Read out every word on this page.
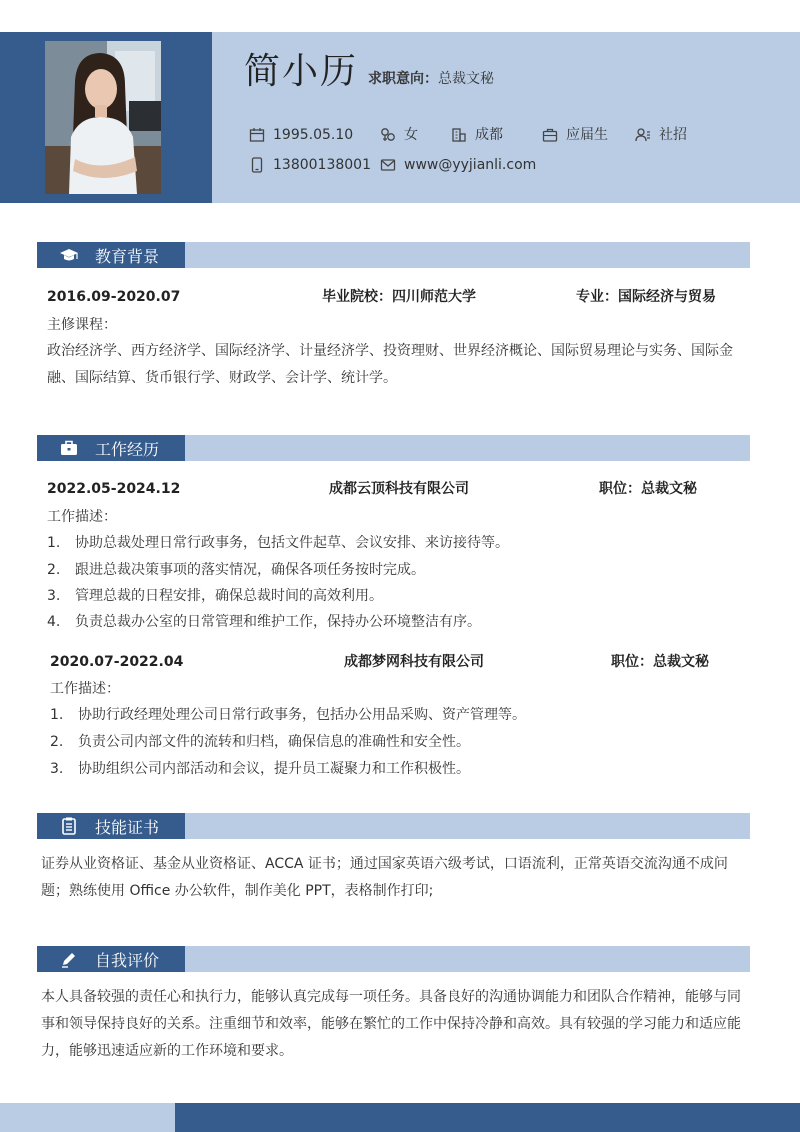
简小历 求职意向：总裁文秘
1995.05.10	女	成都	应届生	社招
13800138001 www@yyjianli.com
教育背景
2016.09-2020.07	毕业院校：四川师范大学	专业：国际经济与贸易
主修课程：
政治经济学、西方经济学、国际经济学、计量经济学、投资理财、世界经济概论、国际贸易理论与实务、国际金融、国际结算、货币银行学、财政学、会计学、统计学。
工作经历
2022.05-2024.12	成都云顶科技有限公司	职位：总裁文秘
工作描述：
1. 协助总裁处理日常行政事务，包括文件起草、会议安排、来访接待等。
2. 跟进总裁决策事项的落实情况，确保各项任务按时完成。
3. 管理总裁的日程安排，确保总裁时间的高效利用。
4. 负责总裁办公室的日常管理和维护工作，保持办公环境整洁有序。
2020.07-2022.04	成都梦网科技有限公司	职位：总裁文秘
工作描述：
1. 协助行政经理处理公司日常行政事务，包括办公用品采购、资产管理等。
2. 负责公司内部文件的流转和归档，确保信息的准确性和安全性。
3. 协助组织公司内部活动和会议，提升员工凝聚力和工作积极性。
技能证书
证券从业资格证、基金从业资格证、ACCA 证书；通过国家英语六级考试，口语流利，正常英语交流沟通不成问题；熟练使用 Office 办公软件，制作美化 PPT，表格制作打印;
自我评价
本人具备较强的责任心和执行力，能够认真完成每一项任务。具备良好的沟通协调能力和团队合作精神，能够与同事和领导保持良好的关系。注重细节和效率，能够在繁忙的工作中保持冷静和高效。具有较强的学习能力和适应能力，能够迅速适应新的工作环境和要求。
